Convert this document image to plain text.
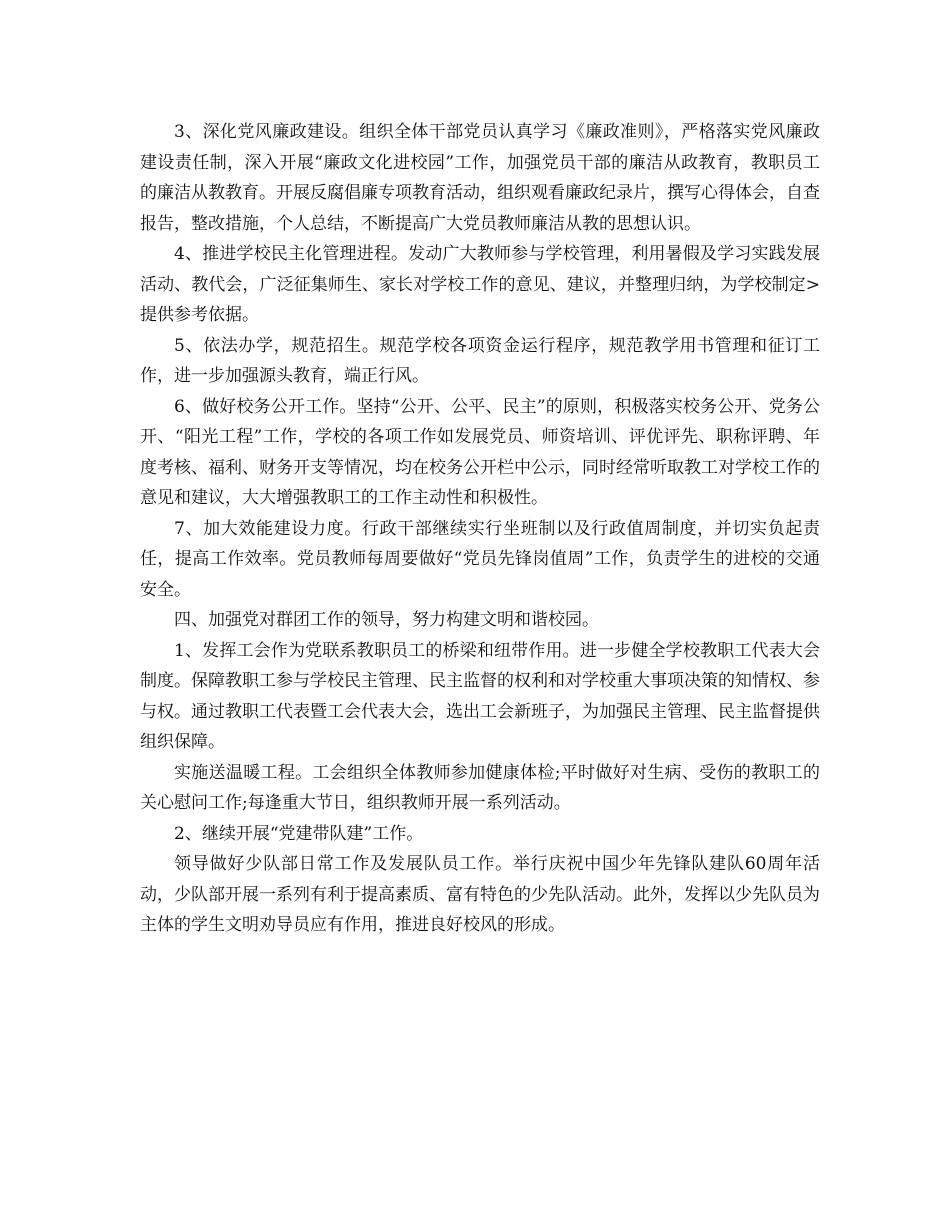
3、深化党风廉政建设。组织全体干部党员认真学习《廉政准则》，严格落实党风廉政建设责任制，深入开展“廉政文化进校园”工作，加强党员干部的廉洁从政教育，教职员工的廉洁从教教育。开展反腐倡廉专项教育活动，组织观看廉政纪录片，撰写心得体会，自查报告，整改措施，个人总结，不断提高广大党员教师廉洁从教的思想认识。

4、推进学校民主化管理进程。发动广大教师参与学校管理，利用暑假及学习实践发展活动、教代会，广泛征集师生、家长对学校工作的意见、建议，并整理归纳，为学校制定>提供参考依据。

5、依法办学，规范招生。规范学校各项资金运行程序，规范教学用书管理和征订工作，进一步加强源头教育，端正行风。

6、做好校务公开工作。坚持“公开、公平、民主”的原则，积极落实校务公开、党务公开、“阳光工程”工作，学校的各项工作如发展党员、师资培训、评优评先、职称评聘、年度考核、福利、财务开支等情况，均在校务公开栏中公示，同时经常听取教工对学校工作的意见和建议，大大增强教职工的工作主动性和积极性。

7、加大效能建设力度。行政干部继续实行坐班制以及行政值周制度，并切实负起责任，提高工作效率。党员教师每周要做好“党员先锋岗值周”工作，负责学生的进校的交通安全。

四、加强党对群团工作的领导，努力构建文明和谐校园。

1、发挥工会作为党联系教职员工的桥梁和纽带作用。进一步健全学校教职工代表大会制度。保障教职工参与学校民主管理、民主监督的权利和对学校重大事项决策的知情权、参与权。通过教职工代表暨工会代表大会，选出工会新班子，为加强民主管理、民主监督提供组织保障。

实施送温暖工程。工会组织全体教师参加健康体检;平时做好对生病、受伤的教职工的关心慰问工作;每逢重大节日，组织教师开展一系列活动。

2、继续开展“党建带队建”工作。

领导做好少队部日常工作及发展队员工作。举行庆祝中国少年先锋队建队60周年活动，少队部开展一系列有利于提高素质、富有特色的少先队活动。此外，发挥以少先队员为主体的学生文明劝导员应有作用，推进良好校风的形成。
